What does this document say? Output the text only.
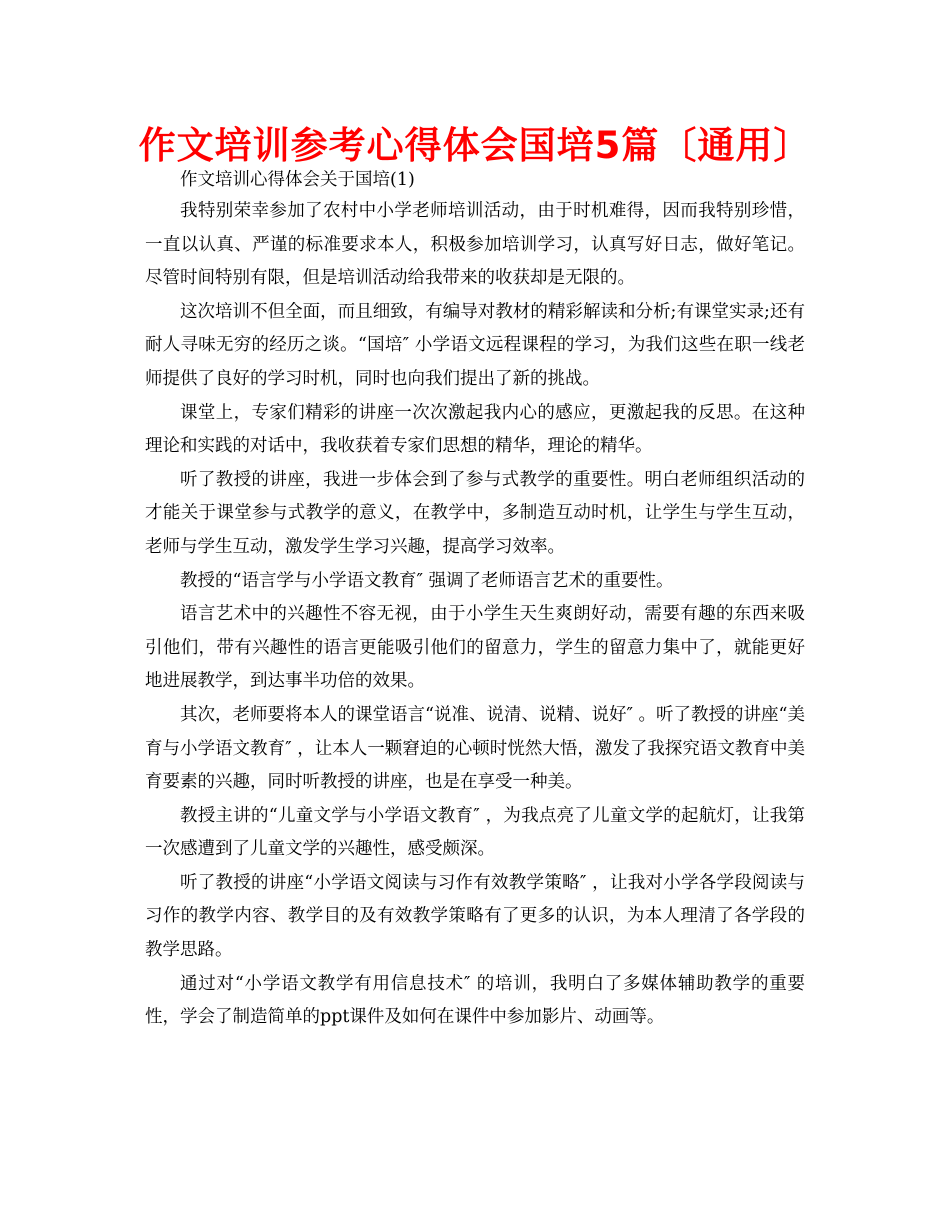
作文培训参考心得体会国培5篇〔通用〕

作文培训心得体会关于国培(1)

我特别荣幸参加了农村中小学老师培训活动，由于时机难得，因而我特别珍惜，一直以认真、严谨的标准要求本人，积极参加培训学习，认真写好日志，做好笔记。尽管时间特别有限，但是培训活动给我带来的收获却是无限的。

这次培训不但全面，而且细致，有编导对教材的精彩解读和分析;有课堂实录;还有耐人寻味无穷的经历之谈。“国培″ 小学语文远程课程的学习，为我们这些在职一线老师提供了良好的学习时机，同时也向我们提出了新的挑战。

课堂上，专家们精彩的讲座一次次激起我内心的感应，更激起我的反思。在这种理论和实践的对话中，我收获着专家们思想的精华，理论的精华。

听了教授的讲座，我进一步体会到了参与式教学的重要性。明白老师组织活动的才能关于课堂参与式教学的意义，在教学中，多制造互动时机，让学生与学生互动，老师与学生互动，激发学生学习兴趣，提高学习效率。

教授的“语言学与小学语文教育″ 强调了老师语言艺术的重要性。

语言艺术中的兴趣性不容无视，由于小学生天生爽朗好动，需要有趣的东西来吸引他们，带有兴趣性的语言更能吸引他们的留意力，学生的留意力集中了，就能更好地进展教学，到达事半功倍的效果。

其次，老师要将本人的课堂语言“说准、说清、说精、说好″ 。听了教授的讲座“美育与小学语文教育″ ，让本人一颗窘迫的心顿时恍然大悟，激发了我探究语文教育中美育要素的兴趣，同时听教授的讲座，也是在享受一种美。

教授主讲的“儿童文学与小学语文教育″ ，为我点亮了儿童文学的起航灯，让我第一次感遭到了儿童文学的兴趣性，感受颇深。

听了教授的讲座“小学语文阅读与习作有效教学策略″ ，让我对小学各学段阅读与习作的教学内容、教学目的及有效教学策略有了更多的认识，为本人理清了各学段的教学思路。

通过对“小学语文教学有用信息技术″ 的培训，我明白了多媒体辅助教学的重要性，学会了制造简单的ppt课件及如何在课件中参加影片、动画等。
